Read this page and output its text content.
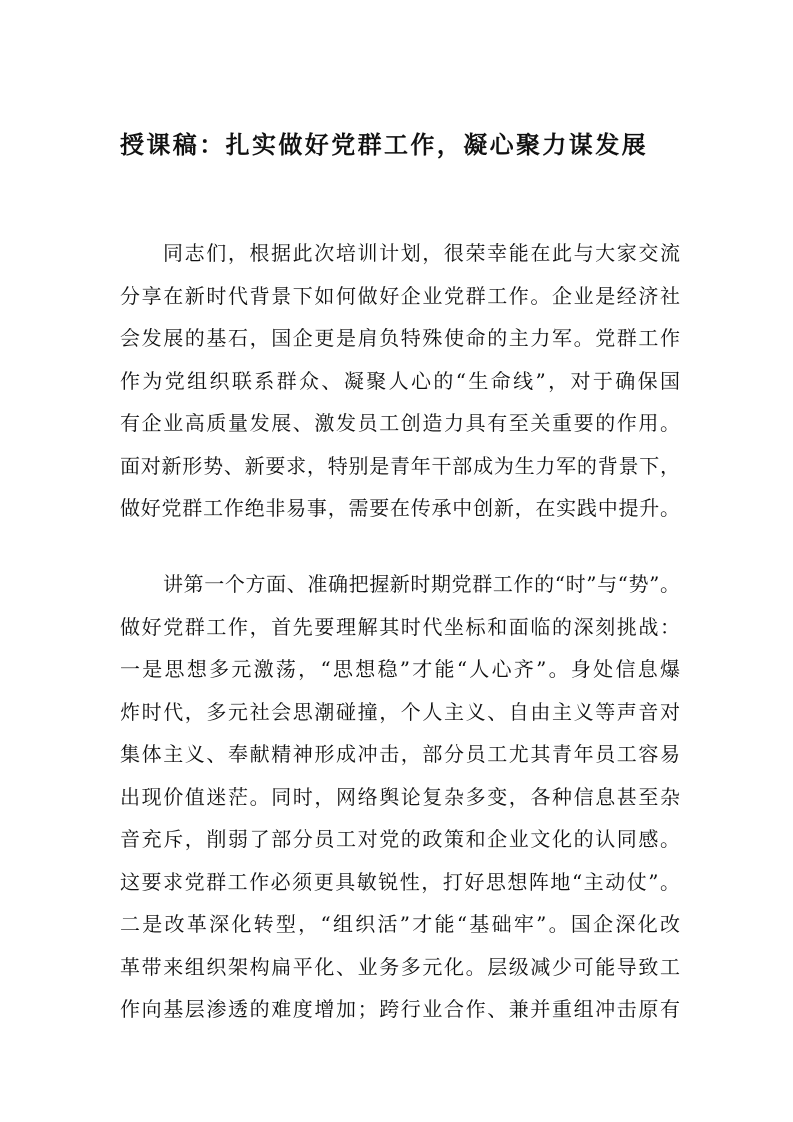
授课稿：扎实做好党群工作，凝心聚力谋发展
同志们，根据此次培训计划，很荣幸能在此与大家交流
分享在新时代背景下如何做好企业党群工作。企业是经济社
会发展的基石，国企更是肩负特殊使命的主力军。党群工作
作为党组织联系群众、凝聚人心的“生命线”，对于确保国
有企业高质量发展、激发员工创造力具有至关重要的作用。
面对新形势、新要求，特别是青年干部成为生力军的背景下，
做好党群工作绝非易事，需要在传承中创新，在实践中提升。
讲第一个方面、准确把握新时期党群工作的“时”与“势”。
做好党群工作，首先要理解其时代坐标和面临的深刻挑战：
一是思想多元激荡，“思想稳”才能“人心齐”。身处信息爆
炸时代，多元社会思潮碰撞，个人主义、自由主义等声音对
集体主义、奉献精神形成冲击，部分员工尤其青年员工容易
出现价值迷茫。同时，网络舆论复杂多变，各种信息甚至杂
音充斥，削弱了部分员工对党的政策和企业文化的认同感。
这要求党群工作必须更具敏锐性，打好思想阵地“主动仗”。
二是改革深化转型，“组织活”才能“基础牢”。国企深化改
革带来组织架构扁平化、业务多元化。层级减少可能导致工
作向基层渗透的难度增加；跨行业合作、兼并重组冲击原有
